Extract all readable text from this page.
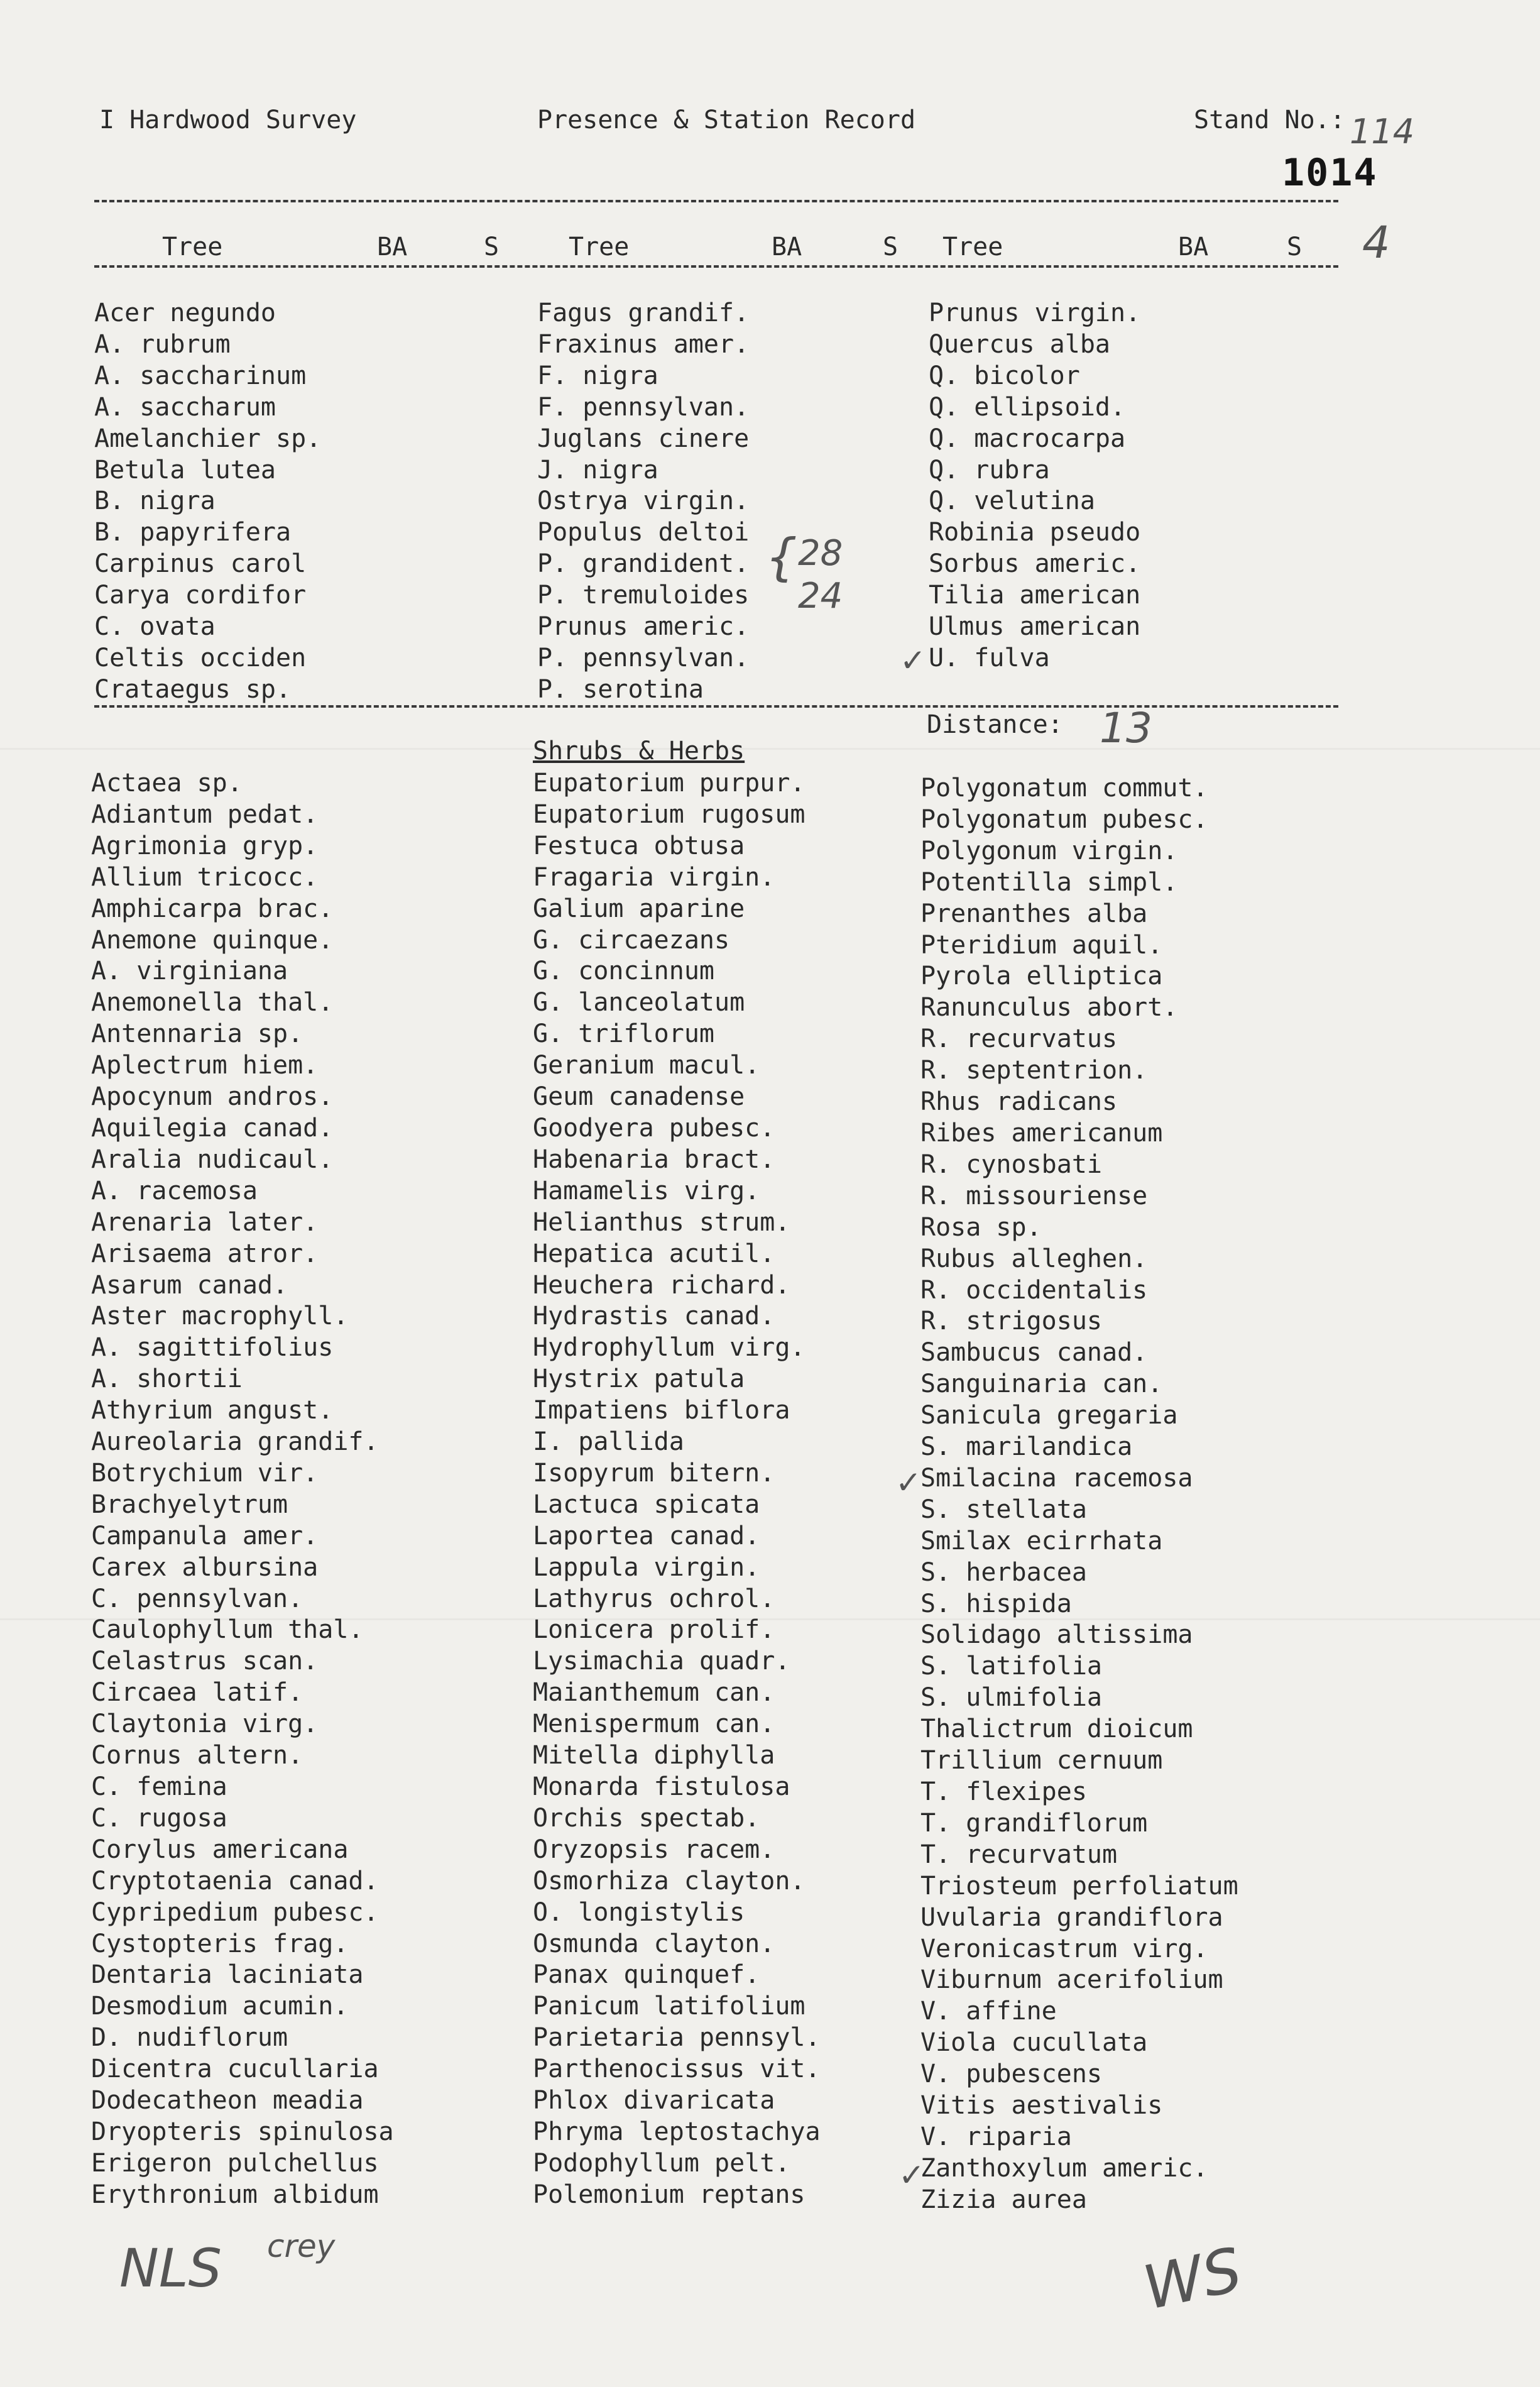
I Hardwood Survey	Presence & Station Record	Stand No.: 114
1014
4
Tree	BA	S	Tree	BA	S Tree	BA	S
Acer negundo
A. rubrum
A. saccharinum
A. saccharum
Amelanchier sp.
Betula lutea
B. nigra
B. papyrifera
Carpinus carol
Carya cordifor
C. ovata
Celtis occiden
Crataegus sp.
Fagus grandif.
Fraxinus amer.
F. nigra
F. pennsylvan.
Juglans cinere
J. nigra
Ostrya virgin.
Populus deltoi
P. grandident.
P. tremuloides
Prunus americ.
P. pennsylvan.
P. serotina
Prunus virgin.
Quercus alba
Q. bicolor
Q. ellipsoid.
Q. macrocarpa
Q. rubra
Q. velutina
Robinia pseudo
Sorbus americ.
Tilia american
Ulmus american
U. fulva
{ 28
24
✓
Distance: 13
Shrubs & Herbs
Actaea sp.
Adiantum pedat.
Agrimonia gryp.
Allium tricocc.
Amphicarpa brac.
Anemone quinque.
A. virginiana
Anemonella thal.
Antennaria sp.
Aplectrum hiem.
Apocynum andros.
Aquilegia canad.
Aralia nudicaul.
A. racemosa
Arenaria later.
Arisaema atror.
Asarum canad.
Aster macrophyll.
A. sagittifolius
A. shortii
Athyrium angust.
Aureolaria grandif.
Botrychium vir.
Brachyelytrum
Campanula amer.
Carex albursina
C. pennsylvan.
Caulophyllum thal.
Celastrus scan.
Circaea latif.
Claytonia virg.
Cornus altern.
C. femina
C. rugosa
Corylus americana
Cryptotaenia canad.
Cypripedium pubesc.
Cystopteris frag.
Dentaria laciniata
Desmodium acumin.
D. nudiflorum
Dicentra cucullaria
Dodecatheon meadia
Dryopteris spinulosa
Erigeron pulchellus
Erythronium albidum
Eupatorium purpur.
Eupatorium rugosum
Festuca obtusa
Fragaria virgin.
Galium aparine
G. circaezans
G. concinnum
G. lanceolatum
G. triflorum
Geranium macul.
Geum canadense
Goodyera pubesc.
Habenaria bract.
Hamamelis virg.
Helianthus strum.
Hepatica acutil.
Heuchera richard.
Hydrastis canad.
Hydrophyllum virg.
Hystrix patula
Impatiens biflora
I. pallida
Isopyrum bitern.
Lactuca spicata
Laportea canad.
Lappula virgin.
Lathyrus ochrol.
Lonicera prolif.
Lysimachia quadr.
Maianthemum can.
Menispermum can.
Mitella diphylla
Monarda fistulosa
Orchis spectab.
Oryzopsis racem.
Osmorhiza clayton.
O. longistylis
Osmunda clayton.
Panax quinquef.
Panicum latifolium
Parietaria pennsyl.
Parthenocissus vit.
Phlox divaricata
Phryma leptostachya
Podophyllum pelt.
Polemonium reptans
Polygonatum commut.
Polygonatum pubesc.
Polygonum virgin.
Potentilla simpl.
Prenanthes alba
Pteridium aquil.
Pyrola elliptica
Ranunculus abort.
R. recurvatus
R. septentrion.
Rhus radicans
Ribes americanum
R. cynosbati
R. missouriense
Rosa sp.
Rubus alleghen.
R. occidentalis
R. strigosus
Sambucus canad.
Sanguinaria can.
Sanicula gregaria
S. marilandica
Smilacina racemosa
S. stellata
Smilax ecirrhata
S. herbacea
S. hispida
Solidago altissima
S. latifolia
S. ulmifolia
Thalictrum dioicum
Trillium cernuum
T. flexipes
T. grandiflorum
T. recurvatum
Triosteum perfoliatum
Uvularia grandiflora
Veronicastrum virg.
Viburnum acerifolium
V. affine
Viola cucullata
V. pubescens
Vitis aestivalis
V. riparia
Zanthoxylum americ.
Zizia aurea
✓
✓
NLS crey	WS
